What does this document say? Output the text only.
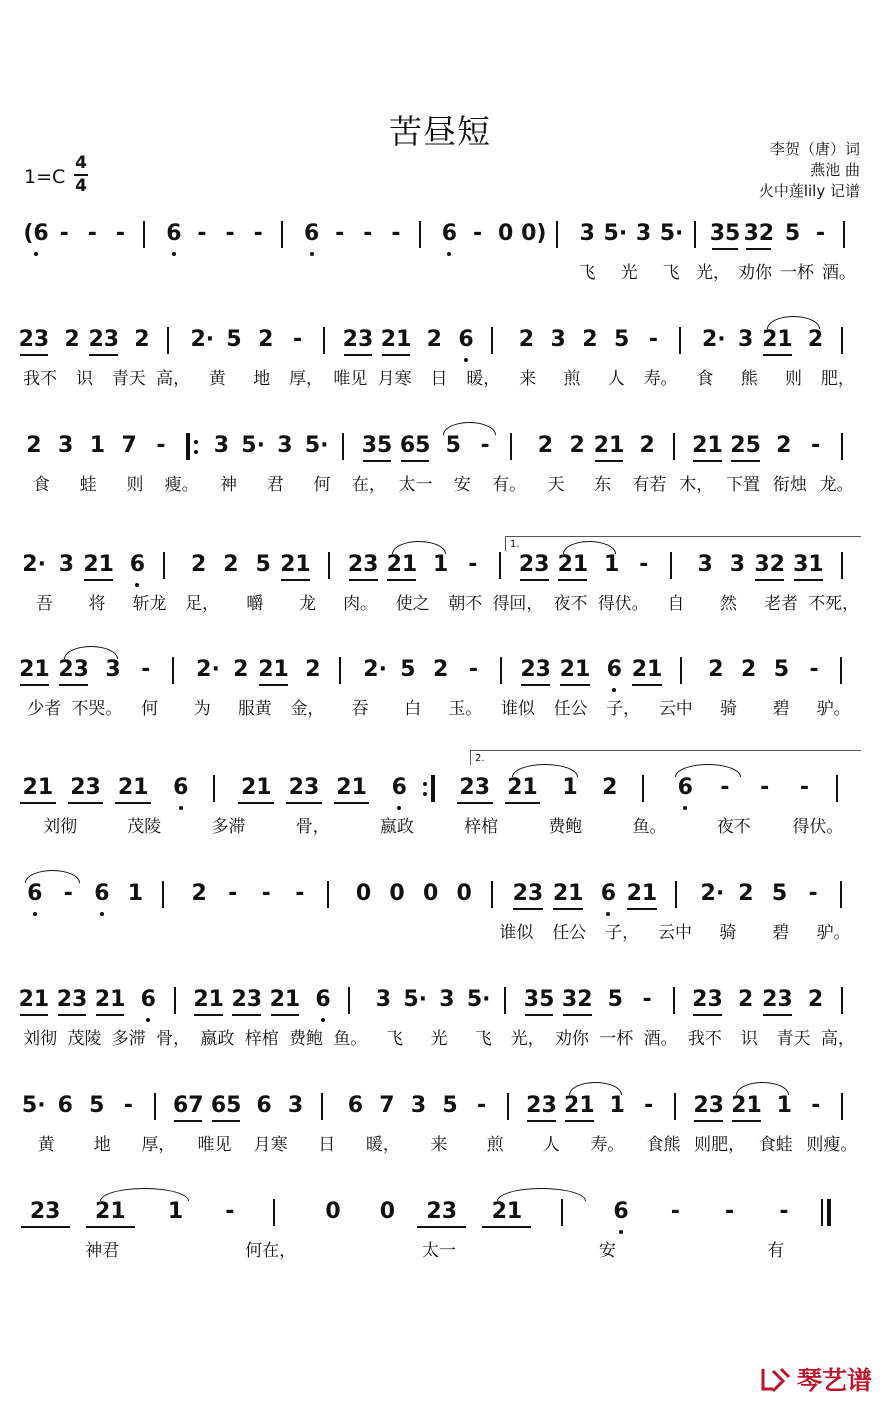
苦昼短	李贺（唐）词
燕池 曲
火中莲lily 记谱
1=C
4
4
(6 - - - 6 - - - 6 - - - 6 - 0 0) 3 5· 3 5· 35 32 5 -
飞 光 飞 光， 劝你 一杯 酒。
23 2 23 2 2· 5 2 - 23 21 2 6 2 3 2 5 - 2· 3 21 2
我不 识 青天 高， 黄 地 厚， 唯见 月寒 日 暖， 来 煎 人 寿。 食 熊 则 肥，
2 3 1 7 - 3 5· 3 5· 35 65 5 - 2 2 21 2 21 25 2 -
食 蛙 则 瘦。 神 君 何 在， 太一 安 有。 天 东 有若 木， 下置 衔烛 龙。
2· 3 21 6 2 2 5 21 23 21 1 - 23 21 1 - 3 3 32 31
吾 将 斩龙 足， 嚼 龙 肉。 使之 朝不 得回， 夜不 得伏。 自 然 老者 不死，
21 23 3 - 2· 2 21 2 2· 5 2 - 23 21 6 21 2 2 5 -
少者 不哭。 何 为 服黄 金， 吞 白 玉。 谁似 任公 子， 云中 骑 碧 驴。
21 23 21 6 21 23 21 6 23 21 1 2	6 - - -
刘彻	茂陵	多滞	骨，	嬴政	梓棺	费鲍	鱼。	夜不 得伏。
6 - 6 1 2 - - - 0 0 0 0 23 21 6 21 2· 2 5 -
谁似 任公 子， 云中 骑 碧 驴。
21 23 21 6 21 23 21 6 3 5· 3 5· 35 32 5 - 23 2 23 2
刘彻 茂陵 多滞 骨， 嬴政 梓棺 费鲍 鱼。 飞 光 飞 光， 劝你 一杯 酒。 我不 识 青天 高，
5· 6 5 - 67 65 6 3 6 7 3 5 - 23 21 1 - 23 21 1 -
黄 地 厚， 唯见 月寒 日 暖， 来 煎 人 寿。 食熊 则肥， 食蛙 则瘦。
23 21 1 -	0 0 23 21	6 - - -
神君	何在，	太一	安	有
1.
2.
琴艺谱
